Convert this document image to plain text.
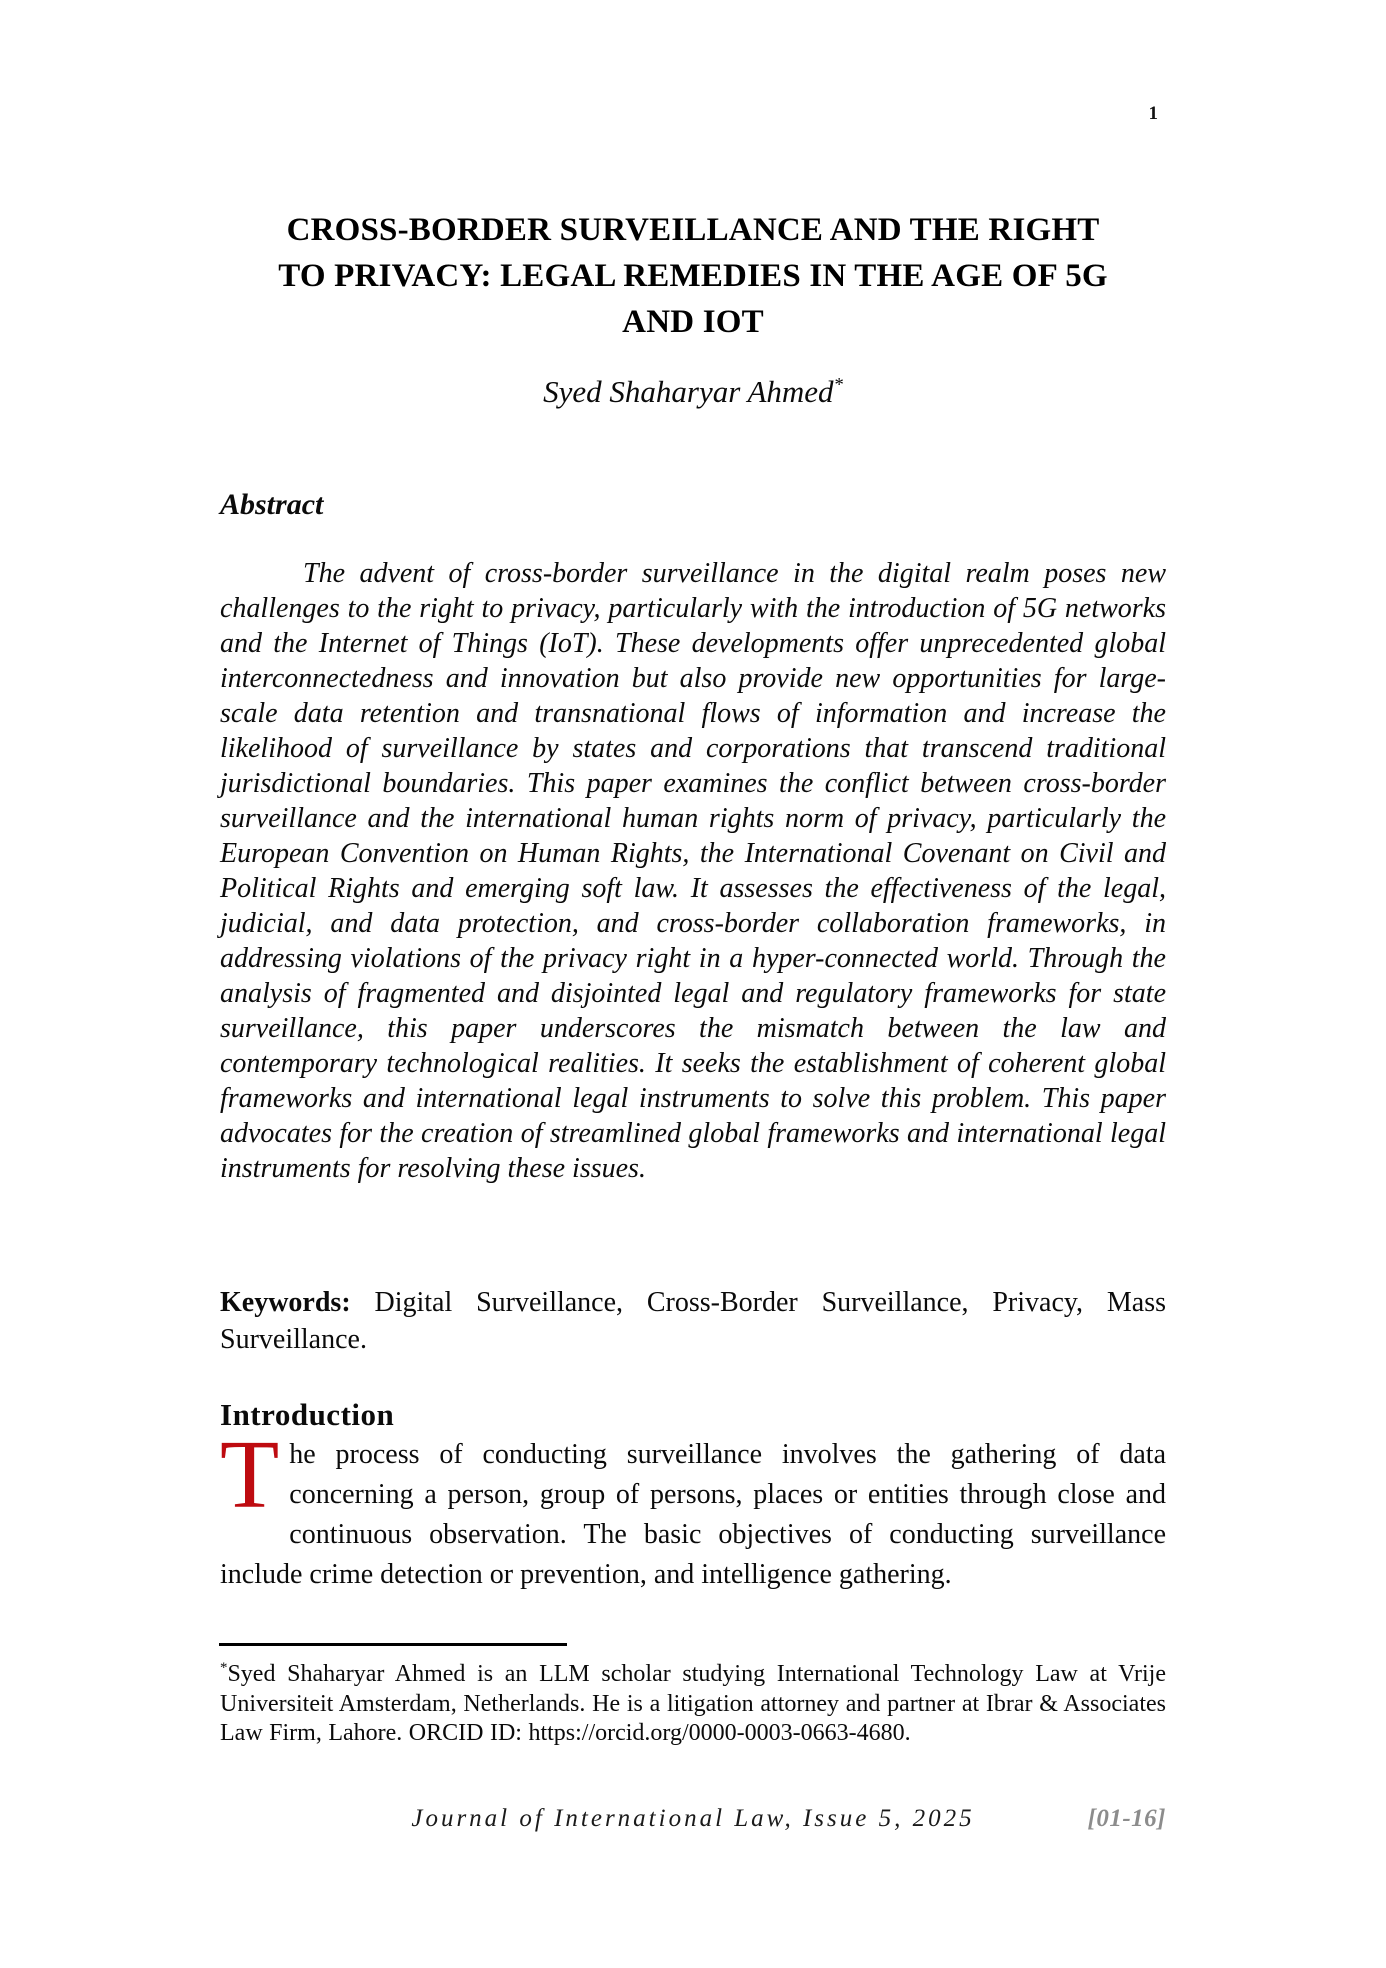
1
CROSS-BORDER SURVEILLANCE AND THE RIGHT
TO PRIVACY: LEGAL REMEDIES IN THE AGE OF 5G
AND IOT
Syed Shaharyar Ahmed*
Abstract

The advent of cross-border surveillance in the digital realm poses new challenges to the right to privacy, particularly with the introduction of 5G networks and the Internet of Things (IoT). These developments offer unprecedented global interconnectedness and innovation but also provide new opportunities for large-scale data retention and transnational flows of information and increase the likelihood of surveillance by states and corporations that transcend traditional jurisdictional boundaries. This paper examines the conflict between cross-border surveillance and the international human rights norm of privacy, particularly the European Convention on Human Rights, the International Covenant on Civil and Political Rights and emerging soft law. It assesses the effectiveness of the legal, judicial, and data protection, and cross-border collaboration frameworks, in addressing violations of the privacy right in a hyper-connected world. Through the analysis of fragmented and disjointed legal and regulatory frameworks for state surveillance, this paper underscores the mismatch between the law and contemporary technological realities. It seeks the establishment of coherent global frameworks and international legal instruments to solve this problem. This paper advocates for the creation of streamlined global frameworks and international legal instruments for resolving these issues.

Keywords: Digital Surveillance, Cross-Border Surveillance, Privacy, Mass Surveillance.

Introduction

The process of conducting surveillance involves the gathering of data concerning a person, group of persons, places or entities through close and continuous observation. The basic objectives of conducting surveillance include crime detection or prevention, and intelligence gathering.

*Syed Shaharyar Ahmed is an LLM scholar studying International Technology Law at Vrije Universiteit Amsterdam, Netherlands. He is a litigation attorney and partner at Ibrar & Associates Law Firm, Lahore. ORCID ID: https://orcid.org/0000-0003-0663-4680.

Journal of International Law, Issue 5, 2025	[01-16]
